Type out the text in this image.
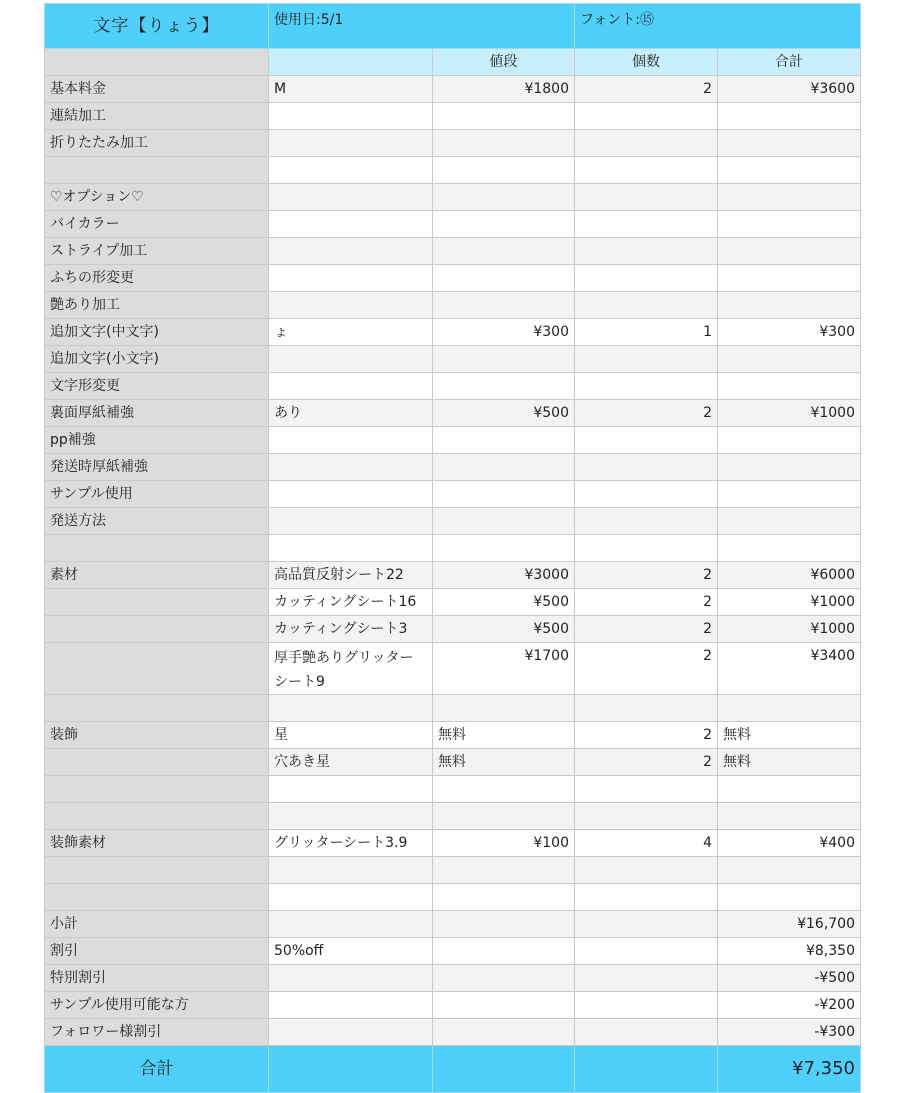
文字【りょう】	使用日:5/1		フォント:⑮	
		値段	個数	合計
基本料金	M	¥1800	2	¥3600
連結加工				
折りたたみ加工				

♡オプション♡				
バイカラー				
ストライプ加工				
ふちの形変更				
艶あり加工				
追加文字(中文字)	ょ	¥300	1	¥300
追加文字(小文字)				
文字形変更				
裏面厚紙補強	あり	¥500	2	¥1000
pp補強				
発送時厚紙補強				
サンプル使用				
発送方法				

素材	高品質反射シート22	¥3000	2	¥6000
	カッティングシート16	¥500	2	¥1000
	カッティングシート3	¥500	2	¥1000
	厚手艶ありグリッターシート9	¥1700	2	¥3400

装飾	星	無料	2	無料
	穴あき星	無料	2	無料

装飾素材	グリッターシート3.9	¥100	4	¥400

小計				¥16,700
割引	50%off			¥8,350
特別割引				-¥500
サンプル使用可能な方				-¥200
フォロワー様割引				-¥300
合計				¥7,350
